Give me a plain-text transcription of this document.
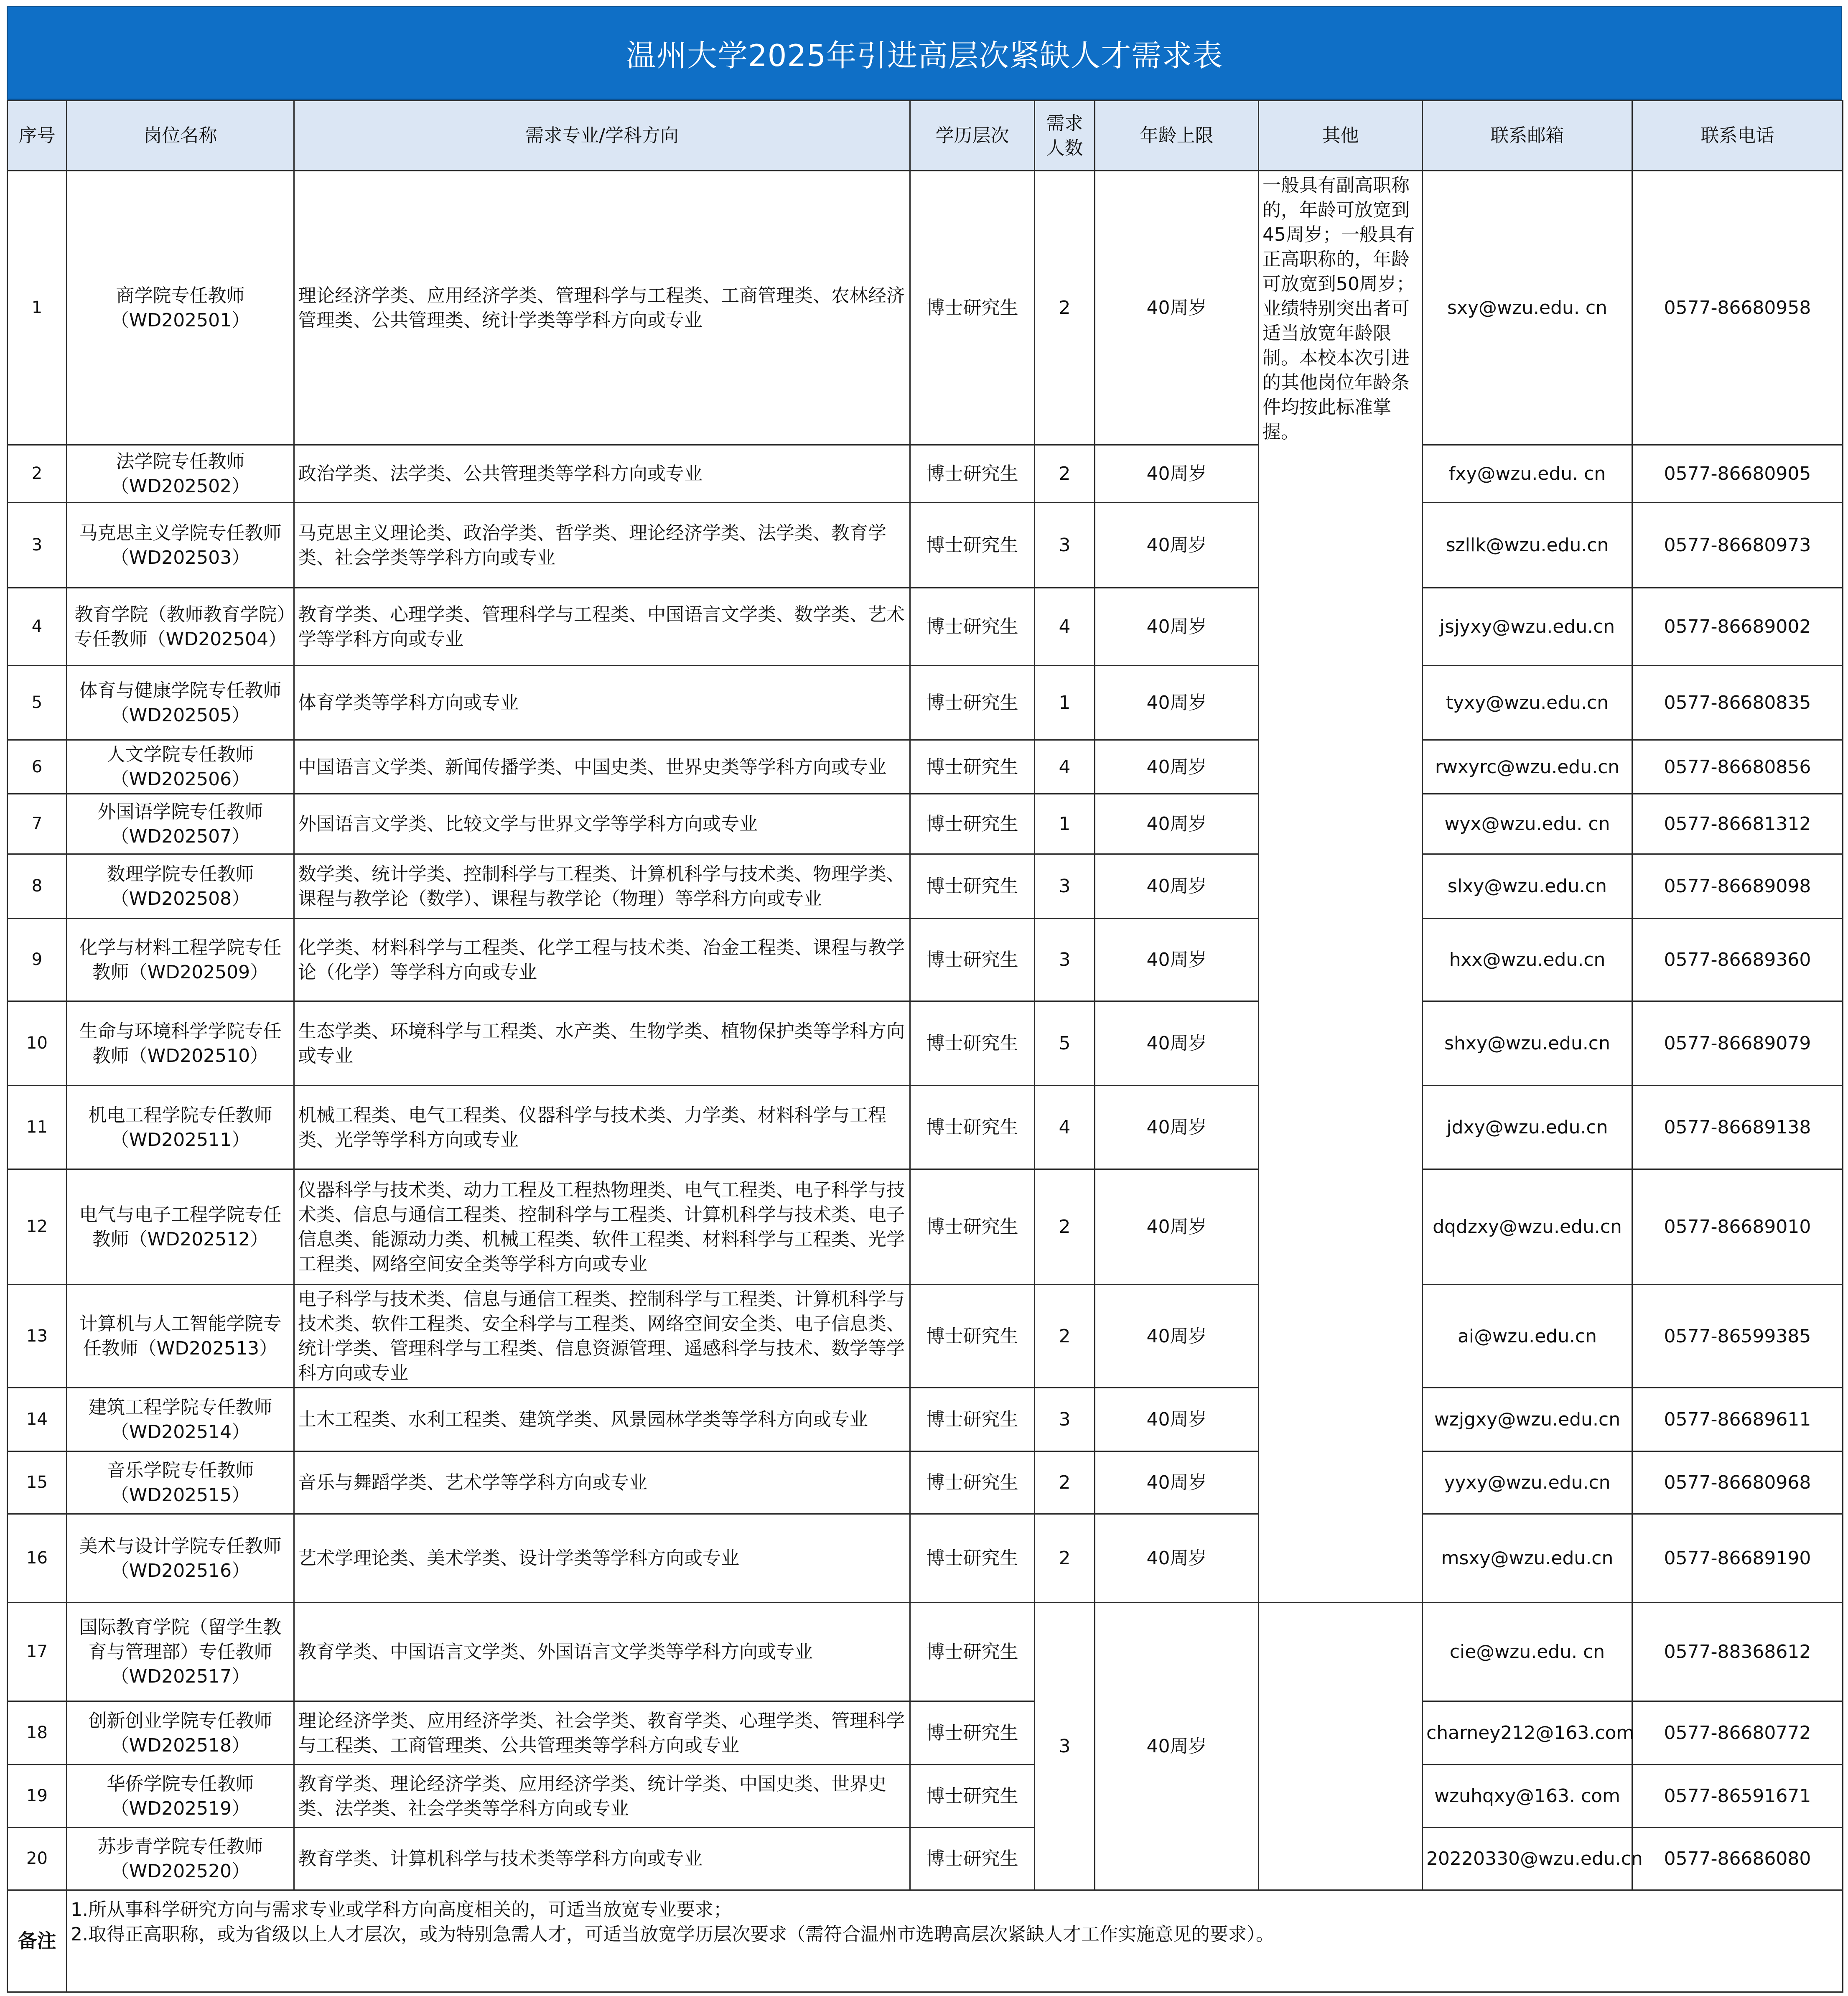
温州大学2025年引进高层次紧缺人才需求表
序号	岗位名称	需求专业/学科方向	学历层次	需求人数	年龄上限	其他	联系邮箱	联系电话
1	商学院专任教师（WD202501）	理论经济学类、应用经济学类、管理科学与工程类、工商管理类、农林经济管理类、公共管理类、统计学类等学科方向或专业	博士研究生	2	40周岁	一般具有副高职称的，年龄可放宽到45周岁；一般具有正高职称的，年龄可放宽到50周岁；业绩特别突出者可适当放宽年龄限制。本校本次引进的其他岗位年龄条件均按此标准掌握。	sxy@wzu.edu. cn	0577-86680958
2	法学院专任教师（WD202502）	政治学类、法学类、公共管理类等学科方向或专业	博士研究生	2	40周岁		fxy@wzu.edu. cn	0577-86680905
3	马克思主义学院专任教师（WD202503）	马克思主义理论类、政治学类、哲学类、理论经济学类、法学类、教育学类、社会学类等学科方向或专业	博士研究生	3	40周岁		szllk@wzu.edu.cn	0577-86680973
4	教育学院（教师教育学院）专任教师（WD202504）	教育学类、心理学类、管理科学与工程类、中国语言文学类、数学类、艺术学等学科方向或专业	博士研究生	4	40周岁		jsjyxy@wzu.edu.cn	0577-86689002
5	体育与健康学院专任教师（WD202505）	体育学类等学科方向或专业	博士研究生	1	40周岁		tyxy@wzu.edu.cn	0577-86680835
6	人文学院专任教师（WD202506）	中国语言文学类、新闻传播学类、中国史类、世界史类等学科方向或专业	博士研究生	4	40周岁		rwxyrc@wzu.edu.cn	0577-86680856
7	外国语学院专任教师（WD202507）	外国语言文学类、比较文学与世界文学等学科方向或专业	博士研究生	1	40周岁		wyx@wzu.edu. cn	0577-86681312
8	数理学院专任教师（WD202508）	数学类、统计学类、控制科学与工程类、计算机科学与技术类、物理学类、课程与教学论（数学）、课程与教学论（物理）等学科方向或专业	博士研究生	3	40周岁		slxy@wzu.edu.cn	0577-86689098
9	化学与材料工程学院专任教师（WD202509）	化学类、材料科学与工程类、化学工程与技术类、冶金工程类、课程与教学论（化学）等学科方向或专业	博士研究生	3	40周岁		hxx@wzu.edu.cn	0577-86689360
10	生命与环境科学学院专任教师（WD202510）	生态学类、环境科学与工程类、水产类、生物学类、植物保护类等学科方向或专业	博士研究生	5	40周岁		shxy@wzu.edu.cn	0577-86689079
11	机电工程学院专任教师（WD202511）	机械工程类、电气工程类、仪器科学与技术类、力学类、材料科学与工程类、光学等学科方向或专业	博士研究生	4	40周岁		jdxy@wzu.edu.cn	0577-86689138
12	电气与电子工程学院专任教师（WD202512）	仪器科学与技术类、动力工程及工程热物理类、电气工程类、电子科学与技术类、信息与通信工程类、控制科学与工程类、计算机科学与技术类、电子信息类、能源动力类、机械工程类、软件工程类、材料科学与工程类、光学工程类、网络空间安全类等学科方向或专业	博士研究生	2	40周岁		dqdzxy@wzu.edu.cn	0577-86689010
13	计算机与人工智能学院专任教师（WD202513）	电子科学与技术类、信息与通信工程类、控制科学与工程类、计算机科学与技术类、软件工程类、安全科学与工程类、网络空间安全类、电子信息类、统计学类、管理科学与工程类、信息资源管理、遥感科学与技术、数学等学科方向或专业	博士研究生	2	40周岁		ai@wzu.edu.cn	0577-86599385
14	建筑工程学院专任教师（WD202514）	土木工程类、水利工程类、建筑学类、风景园林学类等学科方向或专业	博士研究生	3	40周岁		wzjgxy@wzu.edu.cn	0577-86689611
15	音乐学院专任教师（WD202515）	音乐与舞蹈学类、艺术学等学科方向或专业	博士研究生	2	40周岁		yyxy@wzu.edu.cn	0577-86680968
16	美术与设计学院专任教师（WD202516）	艺术学理论类、美术学类、设计学类等学科方向或专业	博士研究生	2	40周岁		msxy@wzu.edu.cn	0577-86689190
17	国际教育学院（留学生教育与管理部）专任教师（WD202517）	教育学类、中国语言文学类、外国语言文学类等学科方向或专业	博士研究生	3	40周岁		cie@wzu.edu. cn	0577-88368612
18	创新创业学院专任教师（WD202518）	理论经济学类、应用经济学类、社会学类、教育学类、心理学类、管理科学与工程类、工商管理类、公共管理类等学科方向或专业	博士研究生				charney212@163.com	0577-86680772
19	华侨学院专任教师（WD202519）	教育学类、理论经济学类、应用经济学类、统计学类、中国史类、世界史类、法学类、社会学类等学科方向或专业	博士研究生				wzuhqxy@163. com	0577-86591671
20	苏步青学院专任教师（WD202520）	教育学类、计算机科学与技术类等学科方向或专业	博士研究生				20220330@wzu.edu.cn	0577-86686080
备注	1.所从事科学研究方向与需求专业或学科方向高度相关的，可适当放宽专业要求；
2.取得正高职称，或为省级以上人才层次，或为特别急需人才，可适当放宽学历层次要求（需符合温州市选聘高层次紧缺人才工作实施意见的要求）。							
